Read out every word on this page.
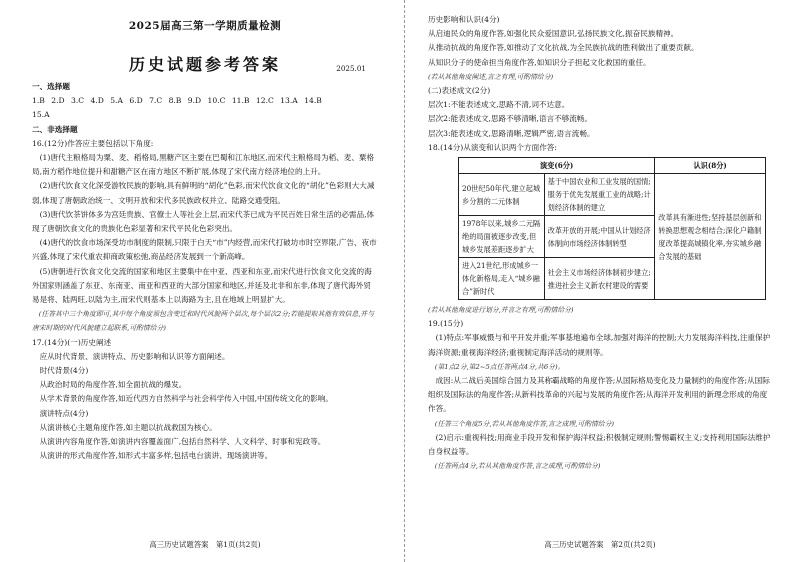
2025届高三第一学期质量检测
历史试题参考答案	2025.01

一、选择题

1.B 2.D 3.C 4.D 5.A 6.D 7.C 8.B 9.D 10.C 11.B 12.C 13.A 14.B

15.A

二、非选择题

16.(12分)作答应主要包括以下角度:

(1)唐代主粮格局为粟、麦、稻格局,黑糖产区主要在巴蜀和江东地区,而宋代主粮格局为稻、麦、粟格局,南方稻作地位提升和甜糖产区在南方地区不断扩展,体现了宋代南方经济地位的上升。

(2)唐代饮食文化深受游牧民族的影响,具有鲜明的“胡化”色彩,而宋代饮食文化的“胡化”色彩则大大减弱,体现了唐朝政治统一、文明开放和宋代多民族政权并立、陆路交通受阻。

(3)唐代饮茶饼体多为宫廷贵族、官僚士人等社会上层,而宋代茶已成为平民百姓日常生活的必需品,体现了唐朝饮食文化的贵族化色彩显著和宋代平民化色彩突出。

(4)唐代的饮食市场深受坊市制度的限制,只限于白天“市”内经营,而宋代打破坊市时空界限,广告、夜市兴盛,体现了宋代重农抑商政策松弛,商品经济发展到一个新高峰。

(5)唐朝进行饮食文化交流的国家和地区主要集中在中亚、西亚和东亚,而宋代进行饮食文化交流的海外国家则涵盖了东亚、东南亚、南亚和西亚的大部分国家和地区,并延及北非和东非,体现了唐代海外贸易是将、陆两旺,以陆为主,而宋代则基本上以海路为主,且在地域上明显扩大。

(任答其中三个角度即可,其中每个角度须包含变迁和时代风貌两个层次,每个层次2分;若能提取其他有效信息,并与唐宋时期的时代风貌建立起联系,可酌情给分)

17.(14分)(一)历史阐述

应从时代背景、演讲特点、历史影响和认识等方面阐述。

时代背景(4分)

从政治时局的角度作答,如全面抗战的爆发。

从学术背景的角度作答,如近代西方自然科学与社会科学传入中国,中国传统文化的影响。

演讲特点(4分)

从演讲核心主题角度作答,如主题以抗战救国为核心。

从演讲内容角度作答,如演讲内容覆盖面广,包括自然科学、人文科学、时事和宪政等。

从演讲的形式角度作答,如形式丰富多样,包括电台演讲、现场演讲等。

高三历史试题答案　第1页(共2页)

历史影响和认识(4分)

从启迪民众的角度作答,如强化民众爱国意识,弘扬民族文化,振奋民族精神。

从推动抗战的角度作答,如推动了文化抗战,为全民族抗战的胜利做出了重要贡献。

从知识分子的使命担当角度作答,如知识分子担起文化救国的重任。

(若从其他角度阐述,言之有理,可酌情给分)

(二)表述成文(2分)

层次1:不能表述成文,思路不清,词不达意。

层次2:能表述成文,思路不够清晰,语言不够流畅。

层次3:能表述成文,思路清晰,逻辑严密,语言流畅。

18.(14分)从演变和认识两个方面作答:

演变(6分)		认识(8分)
20世纪50年代,建立起城乡分割的二元体制	基于中国农业和工业发展的国情;服务于优先发展重工业的战略;计划经济体制的建立	改革具有渐进性;坚持基层创新和转换思想观念相结合;深化户籍制度改革提高城镇化率,夯实城乡融合发展的基础
1978年以来,城乡二元隔绝的局面被逐步改变,但城乡发展差距逐步扩大	改革开放的开展;中国从计划经济体制向市场经济体制转型	
进入21世纪,形成城乡一体化新格局,走入“城乡融合”新时代	社会主义市场经济体制初步建立;推进社会主义新农村建设的需要	

(若从其他角度进行划分,并言之有理,可酌情给分)

19.(15分)

(1)特点:军事威慑与和平开发并重;军事基地遍布全球,加强对海洋的控制;大力发展海洋科技,注重保护海洋资源;重视海洋经济;重视制定海洋活动的规则等。

(第1点2分,第2~5点任答两点4分,共6分)。

成因:从二战后美国综合国力及其称霸战略的角度作答;从国际格局变化及力量制约的角度作答;从国际组织及国际法的角度作答;从新科技革命的兴起与发展的角度作答;从海洋开发利用的新理念形成的角度作答。

(任答三个角度5分,若从其他角度作答,言之成理,可酌情给分)

(2)启示:重视科技;用商业手段开发和保护海洋权益;积极制定规则;警惕霸权主义;支持利用国际法维护自身权益等。

(任答两点4分,若从其他角度作答,言之成理,可酌情给分)

高三历史试题答案　第2页(共2页)
